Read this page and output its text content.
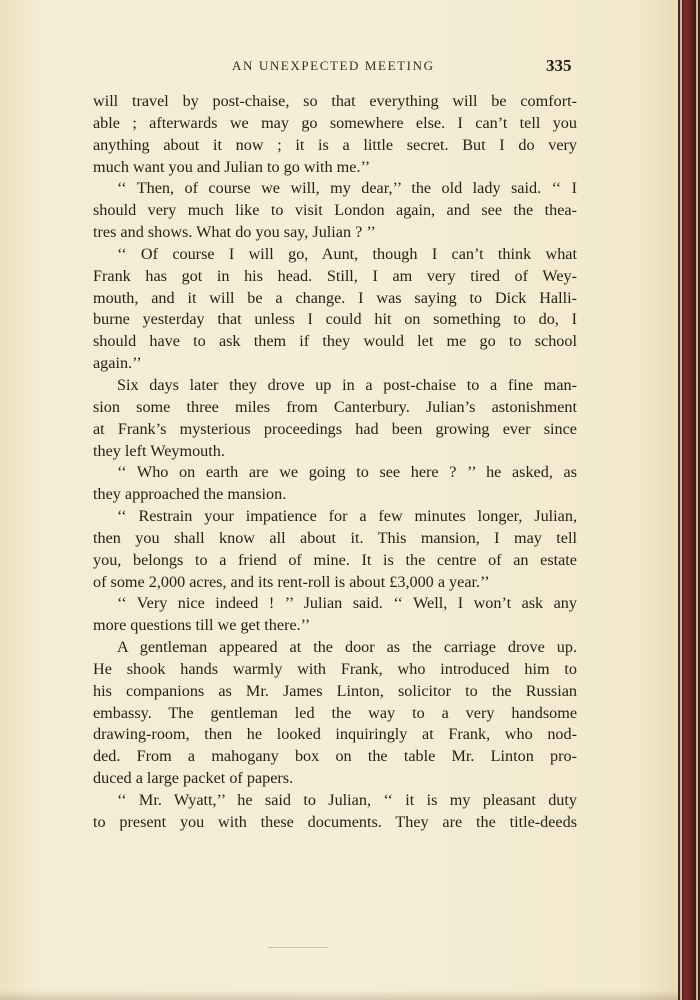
AN UNEXPECTED MEETING	335
will travel by post-chaise, so that everything will be comfort-
able ; afterwards we may go somewhere else. I can’t tell you
anything about it now ; it is a little secret. But I do very
much want you and Julian to go with me.’’
‘‘ Then, of course we will, my dear,’’ the old lady said. ‘‘ I
should very much like to visit London again, and see the thea-
tres and shows. What do you say, Julian ? ’’
‘‘ Of course I will go, Aunt, though I can’t think what
Frank has got in his head. Still, I am very tired of Wey-
mouth, and it will be a change. I was saying to Dick Halli-
burne yesterday that unless I could hit on something to do, I
should have to ask them if they would let me go to school
again.’’
Six days later they drove up in a post-chaise to a fine man-
sion some three miles from Canterbury. Julian’s astonishment
at Frank’s mysterious proceedings had been growing ever since
they left Weymouth.
‘‘ Who on earth are we going to see here ? ’’ he asked, as
they approached the mansion.
‘‘ Restrain your impatience for a few minutes longer, Julian,
then you shall know all about it. This mansion, I may tell
you, belongs to a friend of mine. It is the centre of an estate
of some 2,000 acres, and its rent-roll is about £3,000 a year.’’
‘‘ Very nice indeed ! ’’ Julian said. ‘‘ Well, I won’t ask any
more questions till we get there.’’
A gentleman appeared at the door as the carriage drove up.
He shook hands warmly with Frank, who introduced him to
his companions as Mr. James Linton, solicitor to the Russian
embassy. The gentleman led the way to a very handsome
drawing-room, then he looked inquiringly at Frank, who nod-
ded. From a mahogany box on the table Mr. Linton pro-
duced a large packet of papers.
‘‘ Mr. Wyatt,’’ he said to Julian, ‘‘ it is my pleasant duty
to present you with these documents. They are the title-deeds
